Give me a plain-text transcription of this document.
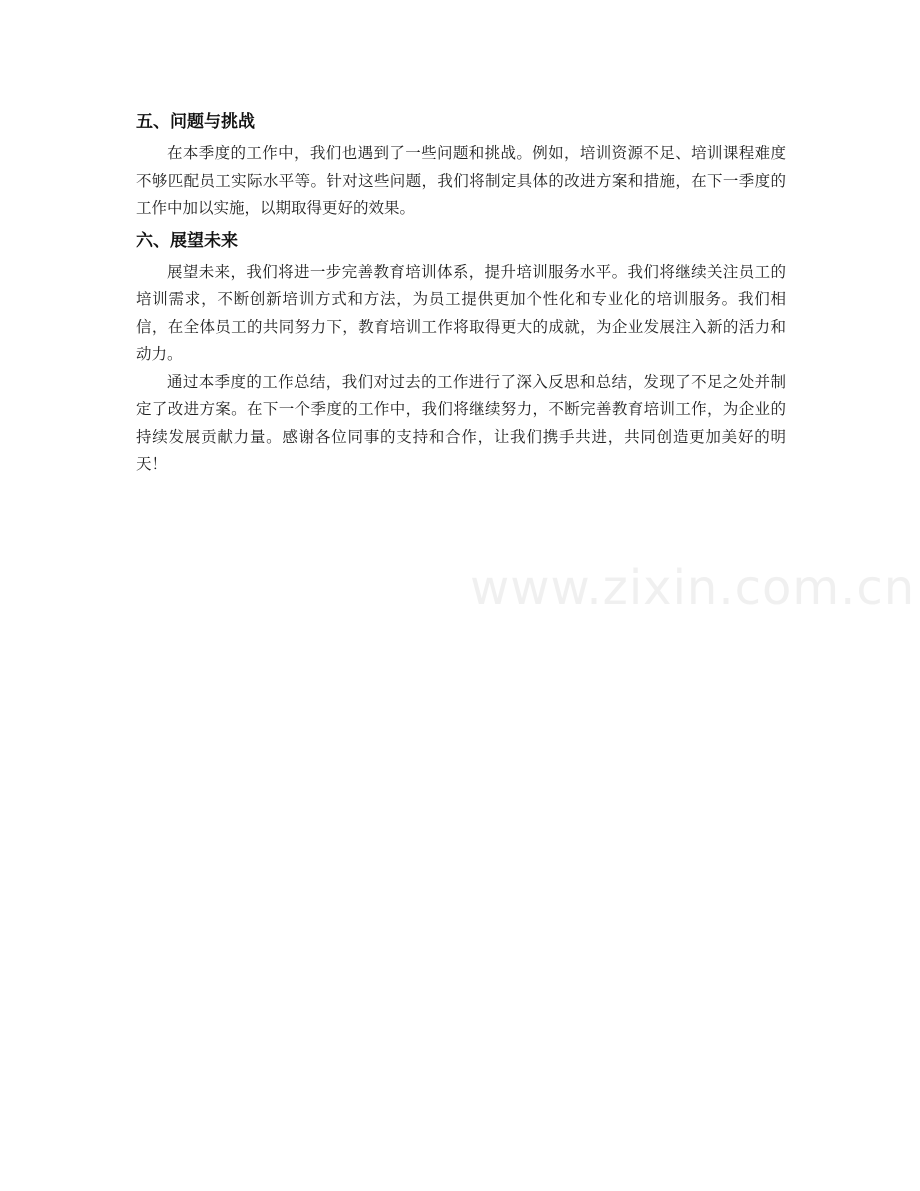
五、问题与挑战

在本季度的工作中，我们也遇到了一些问题和挑战。例如，培训资源不足、培训课程难度不够匹配员工实际水平等。针对这些问题，我们将制定具体的改进方案和措施，在下一季度的工作中加以实施，以期取得更好的效果。

六、展望未来

展望未来，我们将进一步完善教育培训体系，提升培训服务水平。我们将继续关注员工的培训需求，不断创新培训方式和方法，为员工提供更加个性化和专业化的培训服务。我们相信，在全体员工的共同努力下，教育培训工作将取得更大的成就，为企业发展注入新的活力和动力。

通过本季度的工作总结，我们对过去的工作进行了深入反思和总结，发现了不足之处并制定了改进方案。在下一个季度的工作中，我们将继续努力，不断完善教育培训工作，为企业的持续发展贡献力量。感谢各位同事的支持和合作，让我们携手共进，共同创造更加美好的明天！

www.zixin.com.cn
